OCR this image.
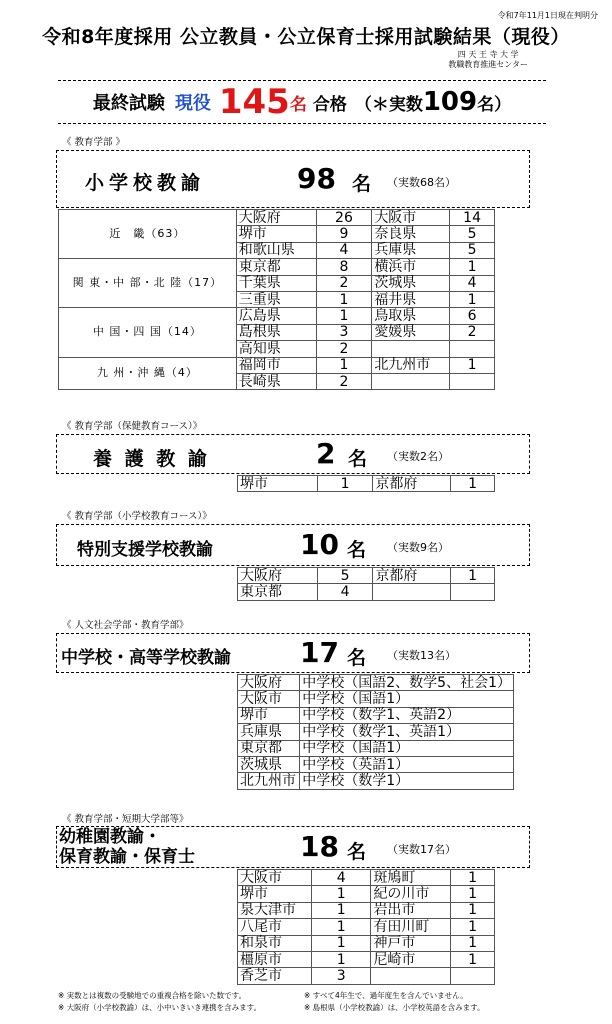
令和7年11月1日現在判明分
令和8年度採用 公立教員・公立保育士採用試験結果（現役）
四 天 王 寺 大 学
教職教育推進センター
最終試験 現役 145 名 合格 （＊実数 109 名）
《 教育学部 》
小学校教諭	98 名 （実数68名）
近　畿（63）	大阪府	26	大阪市	14
	堺市	9	奈良県	5
	和歌山県	4	兵庫県	5
関 東・中 部・北 陸（17）	東京都	8	横浜市	1
	千葉県	2	茨城県	4
	三重県	1	福井県	1
中 国・四 国（14）	広島県	1	鳥取県	6
	島根県	3	愛媛県	2
	高知県	2		
九 州・沖 縄（4）	福岡市	1	北九州市	1
	長崎県	2		
《 教育学部（保健教育コース）》
養 護 教 諭	2 名 （実数2名）
堺市	1	京都府	1
《 教育学部（小学校教育コース）》
特別支援学校教諭	10 名 （実数9名）
大阪府	5	京都府	1
東京都	4		
《 人文社会学部・教育学部》
中学校・高等学校教諭 17 名 （実数13名）
大阪府	中学校（国語2、数学5、社会1）
大阪市	中学校（国語1）
堺市	中学校（数学1、英語2）
兵庫県	中学校（数学1、英語1）
東京都	中学校（国語1）
茨城県	中学校（英語1）
北九州市	中学校（数学1）
《 教育学部・短期大学部等》
幼稚園教諭・
保育教諭・保育士	18 名 （実数17名）
大阪市	4	斑鳩町	1
堺市	1	紀の川市	1
泉大津市	1	岩出市	1
八尾市	1	有田川町	1
和泉市	1	神戸市	1
橿原市	1	尼崎市	1
香芝市	3		
※ 実数とは複数の受験地での重複合格を除いた数です。	※ すべて4年生で、過年度生を含んでいません。
※ 大阪府（小学校教諭）は、小中いきいき連携を含みます。	※ 島根県（小学校教諭）は、小学校英語を含みます。
